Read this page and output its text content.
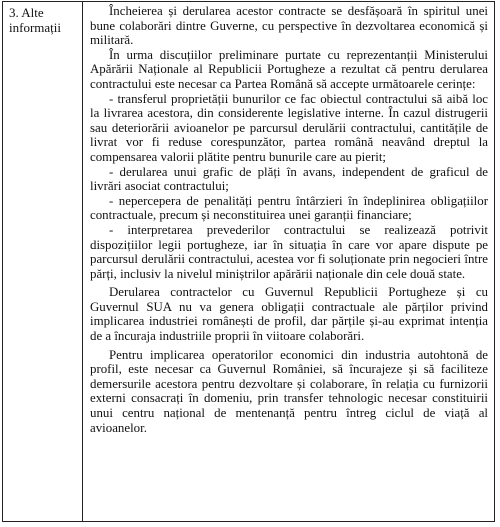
3. Alte informații

Încheierea și derularea acestor contracte se desfășoară în spiritul unei bune colaborări dintre Guverne, cu perspective în dezvoltarea economică și militară.

În urma discuțiilor preliminare purtate cu reprezentanții Ministerului Apărării Naționale al Republicii Portugheze a rezultat că pentru derularea contractului este necesar ca Partea Română să accepte următoarele cerințe:

- transferul proprietății bunurilor ce fac obiectul contractului să aibă loc la livrarea acestora, din considerente legislative interne. În cazul distrugerii sau deteriorării avioanelor pe parcursul derulării contractului, cantitățile de livrat vor fi reduse corespunzător, partea română neavând dreptul la compensarea valorii plătite pentru bunurile care au pierit;

- derularea unui grafic de plăți în avans, independent de graficul de livrări asociat contractului;

- nepercepera de penalități pentru întârzieri în îndeplinirea obligațiilor contractuale, precum și neconstituirea unei garanții financiare;

- interpretarea prevederilor contractului se realizează potrivit dispozițiilor legii portugheze, iar în situația în care vor apare dispute pe parcursul derulării contractului, acestea vor fi soluționate prin negocieri între părți, inclusiv la nivelul miniștrilor apărării naționale din cele două state.

Derularea contractelor cu Guvernul Republicii Portugheze și cu Guvernul SUA nu va genera obligații contractuale ale părților privind implicarea industriei românești de profil, dar părțile și-au exprimat intenția de a încuraja industriile proprii în viitoare colaborări.

Pentru implicarea operatorilor economici din industria autohtonă de profil, este necesar ca Guvernul României, să încurajeze și să faciliteze demersurile acestora pentru dezvoltare și colaborare, în relația cu furnizorii externi consacrați în domeniu, prin transfer tehnologic necesar constituirii unui centru național de mentenanță pentru întreg ciclul de viață al avioanelor.
